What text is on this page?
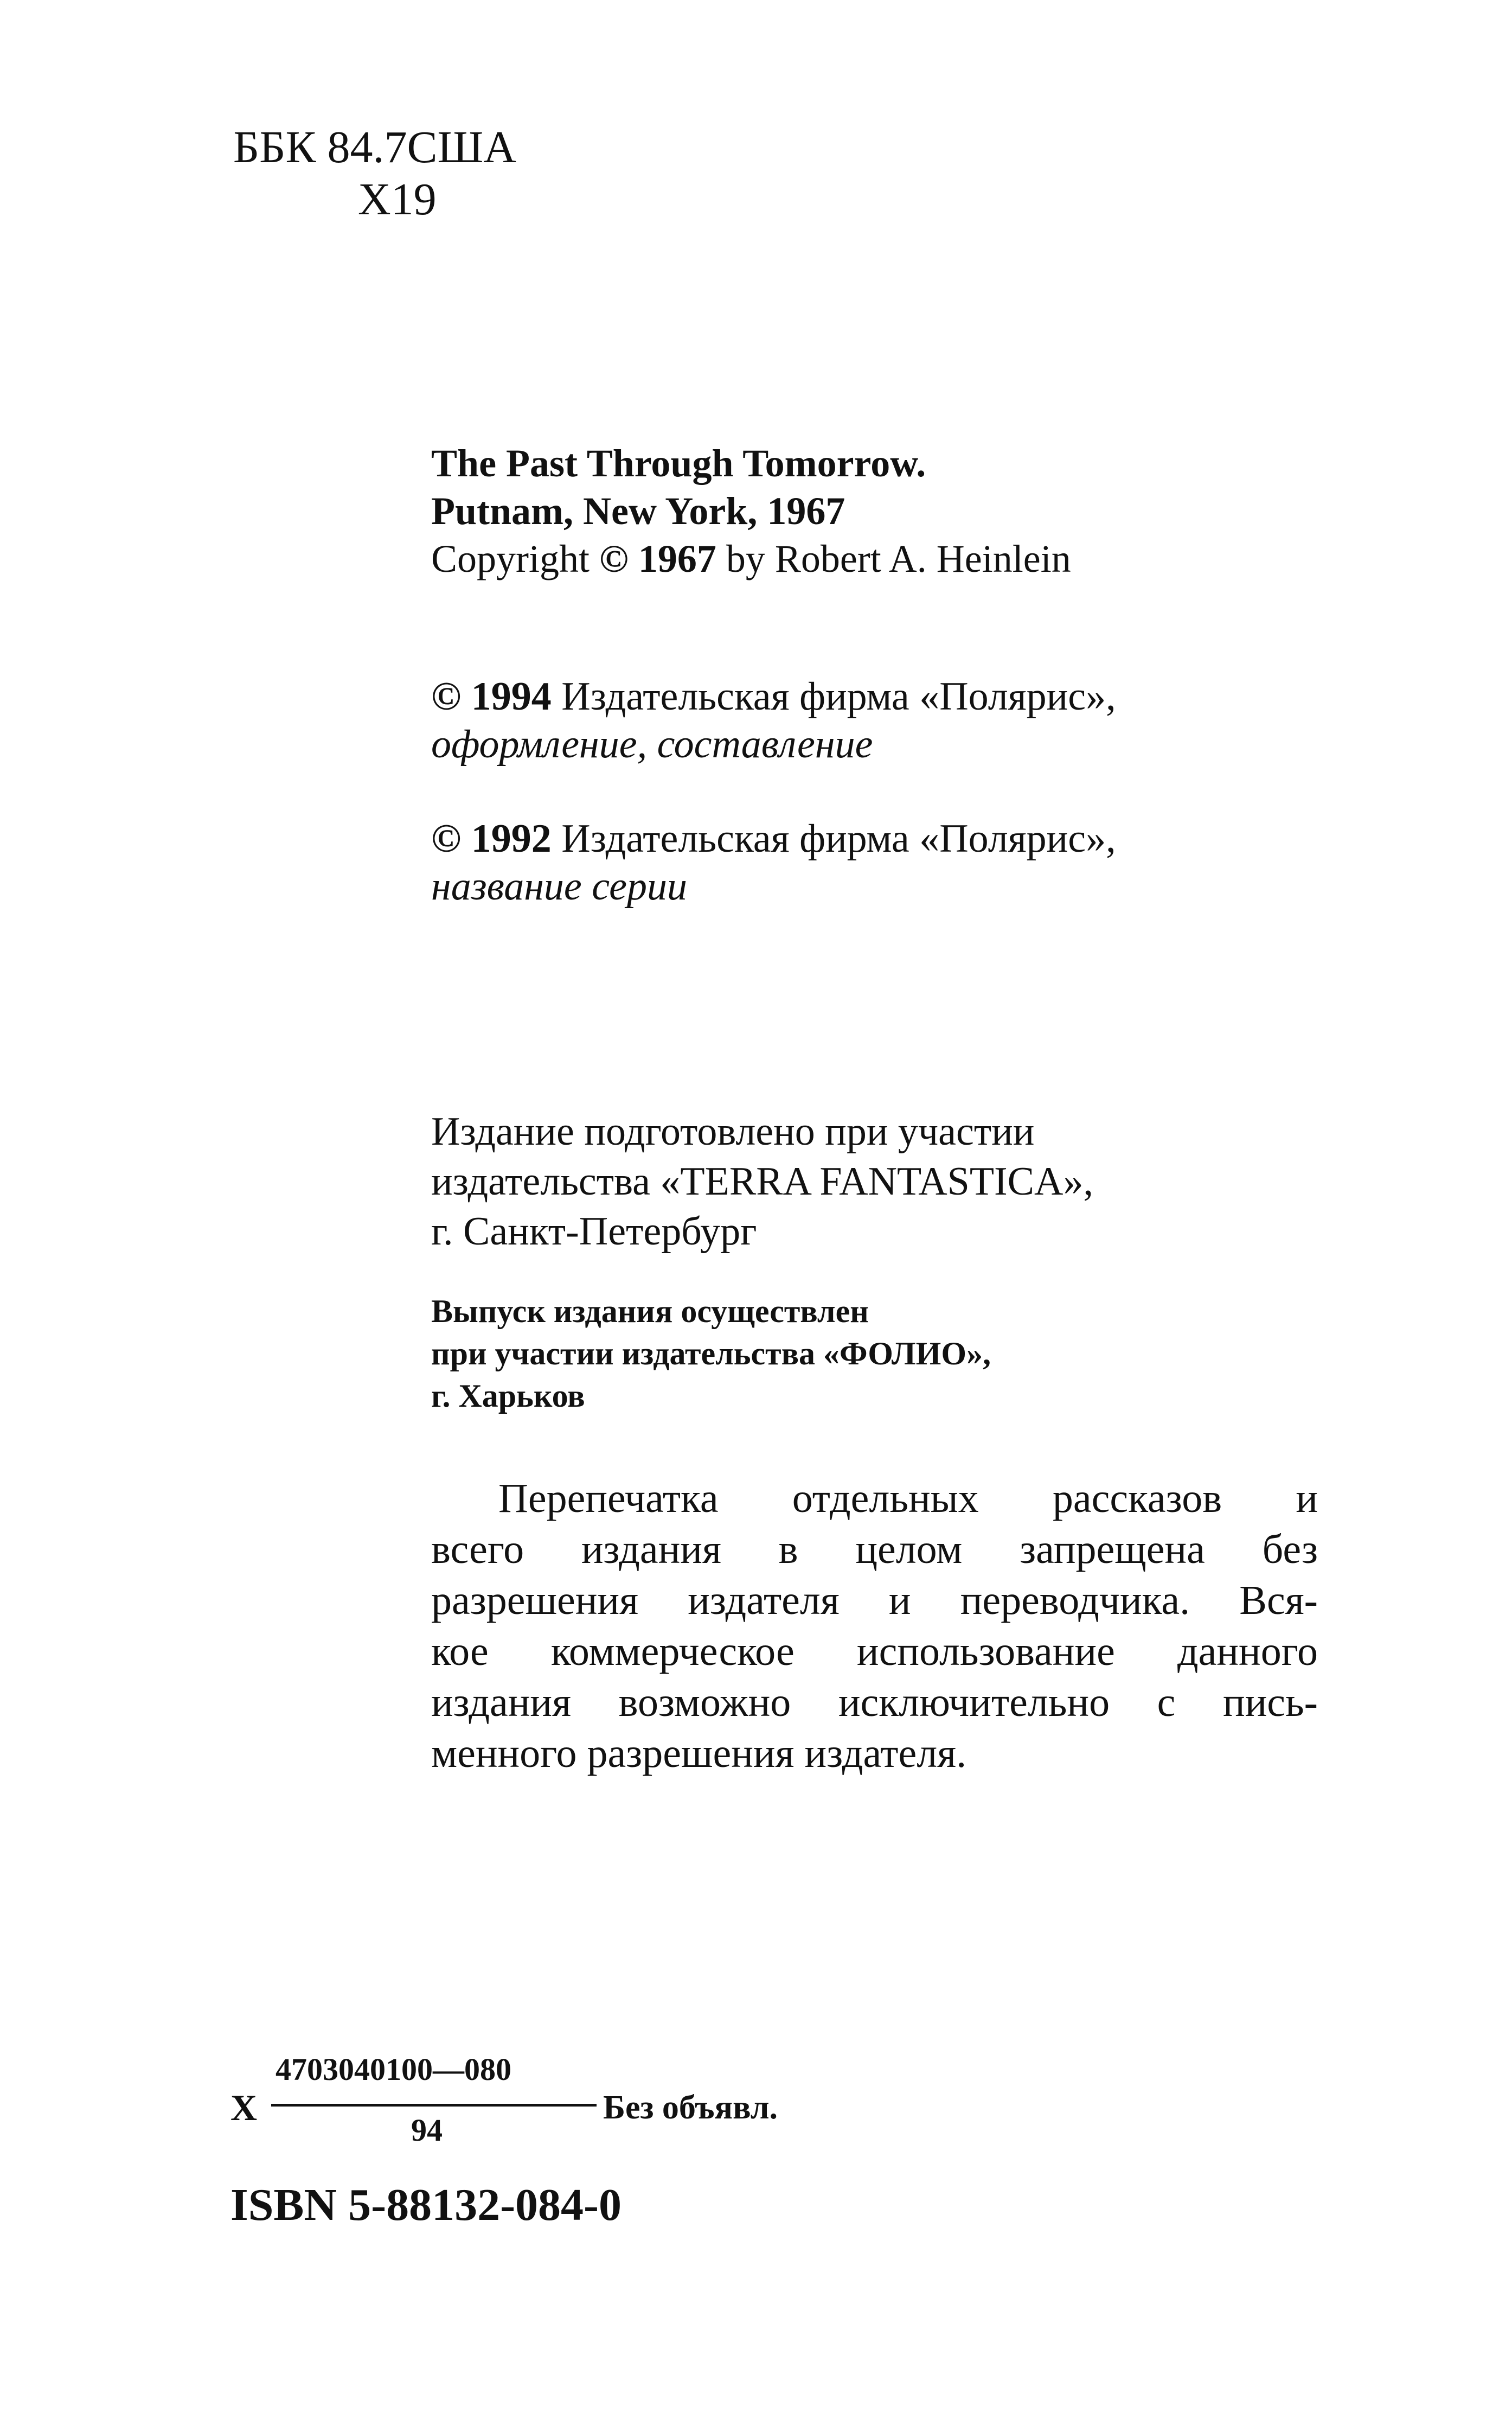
ББК 84.7США
Х19
The Past Through Tomorrow.
Putnam, New York, 1967
Copyright © 1967 by Robert A. Heinlein
© 1994 Издательская фирма «Полярис»,
оформление, составление
© 1992 Издательская фирма «Полярис»,
название серии
Издание подготовлено при участии
издательства «TERRA FANTASTICA»,
г. Санкт-Петербург
Выпуск издания осуществлен
при участии издательства «ФОЛИО»,
г. Харьков
Перепечатка отдельных рассказов и
всего издания в целом запрещена без
разрешения издателя и переводчика. Вся-
кое коммерческое использование данного
издания возможно исключительно с пись-
менного разрешения издателя.
Х
4703040100—080
94
Без объявл.
ISBN 5-88132-084-0
